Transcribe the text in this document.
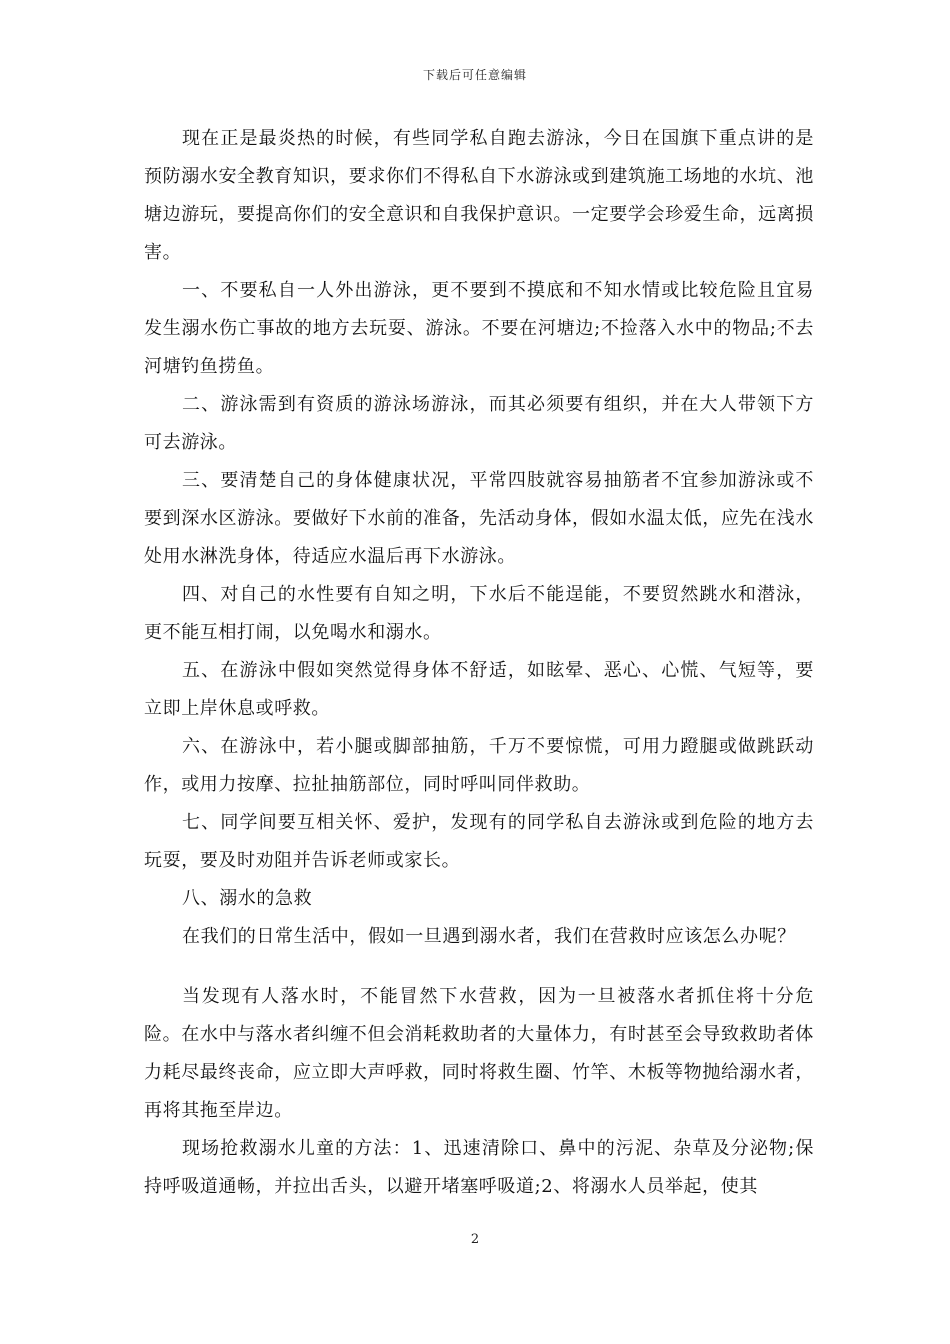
下载后可任意编辑

现在正是最炎热的时候，有些同学私自跑去游泳，今日在国旗下重点讲的是预防溺水安全教育知识，要求你们不得私自下水游泳或到建筑施工场地的水坑、池塘边游玩，要提高你们的安全意识和自我保护意识。一定要学会珍爱生命，远离损害。

一、不要私自一人外出游泳，更不要到不摸底和不知水情或比较危险且宜易发生溺水伤亡事故的地方去玩耍、游泳。不要在河塘边;不捡落入水中的物品;不去河塘钓鱼捞鱼。

二、游泳需到有资质的游泳场游泳，而其必须要有组织，并在大人带领下方可去游泳。

三、要清楚自己的身体健康状况，平常四肢就容易抽筋者不宜参加游泳或不要到深水区游泳。要做好下水前的准备，先活动身体，假如水温太低，应先在浅水处用水淋洗身体，待适应水温后再下水游泳。

四、对自己的水性要有自知之明，下水后不能逞能，不要贸然跳水和潜泳，更不能互相打闹，以免喝水和溺水。

五、在游泳中假如突然觉得身体不舒适，如眩晕、恶心、心慌、气短等，要立即上岸休息或呼救。

六、在游泳中，若小腿或脚部抽筋，千万不要惊慌，可用力蹬腿或做跳跃动作，或用力按摩、拉扯抽筋部位，同时呼叫同伴救助。

七、同学间要互相关怀、爱护，发现有的同学私自去游泳或到危险的地方去玩耍，要及时劝阻并告诉老师或家长。

八、溺水的急救

在我们的日常生活中，假如一旦遇到溺水者，我们在营救时应该怎么办呢？

当发现有人落水时，不能冒然下水营救，因为一旦被落水者抓住将十分危险。在水中与落水者纠缠不但会消耗救助者的大量体力，有时甚至会导致救助者体力耗尽最终丧命，应立即大声呼救，同时将救生圈、竹竿、木板等物抛给溺水者，再将其拖至岸边。

现场抢救溺水儿童的方法：1、迅速清除口、鼻中的污泥、杂草及分泌物;保持呼吸道通畅，并拉出舌头，以避开堵塞呼吸道;2、将溺水人员举起，使其

2
